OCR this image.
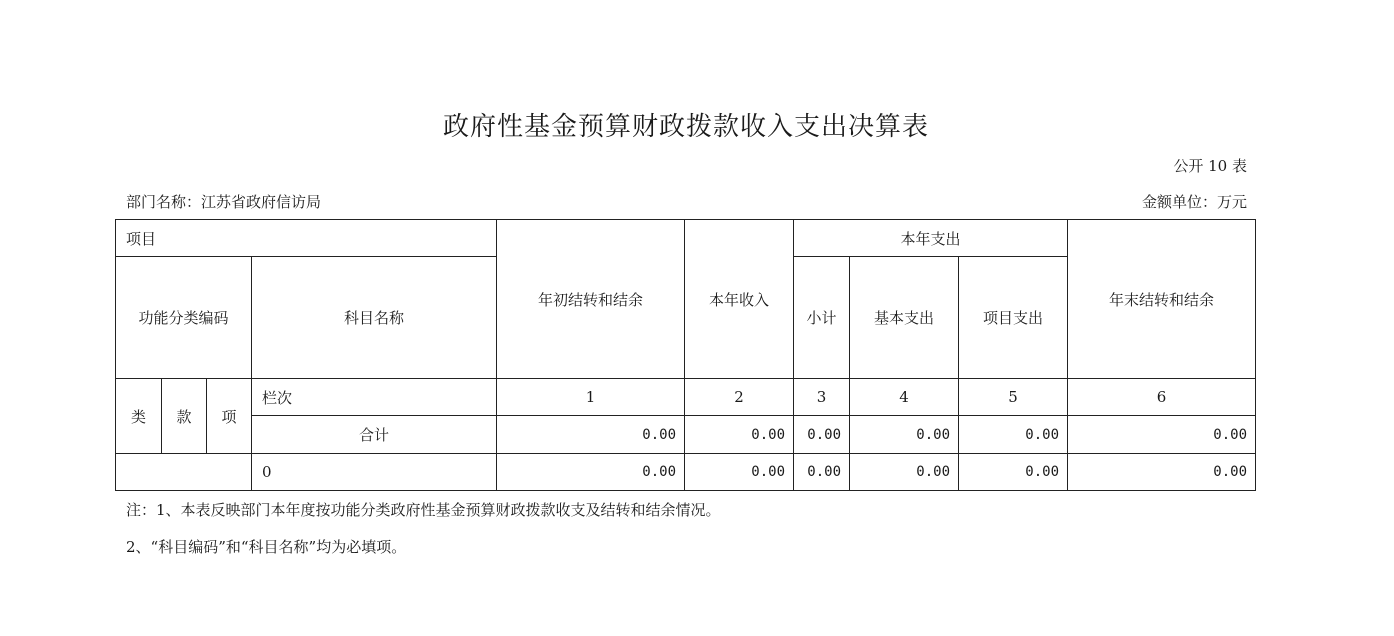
政府性基金预算财政拨款收入支出决算表
公开 10 表
部门名称：江苏省政府信访局	金额单位：万元
项目				年初结转和结余	本年收入	本年支出			年末结转和结余
功能分类编码			科目名称			小计	基本支出	项目支出	
类	款	项	栏次	1	2	3	4	5	6
			合计	0.00	0.00	0.00	0.00	0.00	0.00
			0	0.00	0.00	0.00	0.00	0.00	0.00
注：1、本表反映部门本年度按功能分类政府性基金预算财政拨款收支及结转和结余情况。
2、“科目编码”和“科目名称”均为必填项。
